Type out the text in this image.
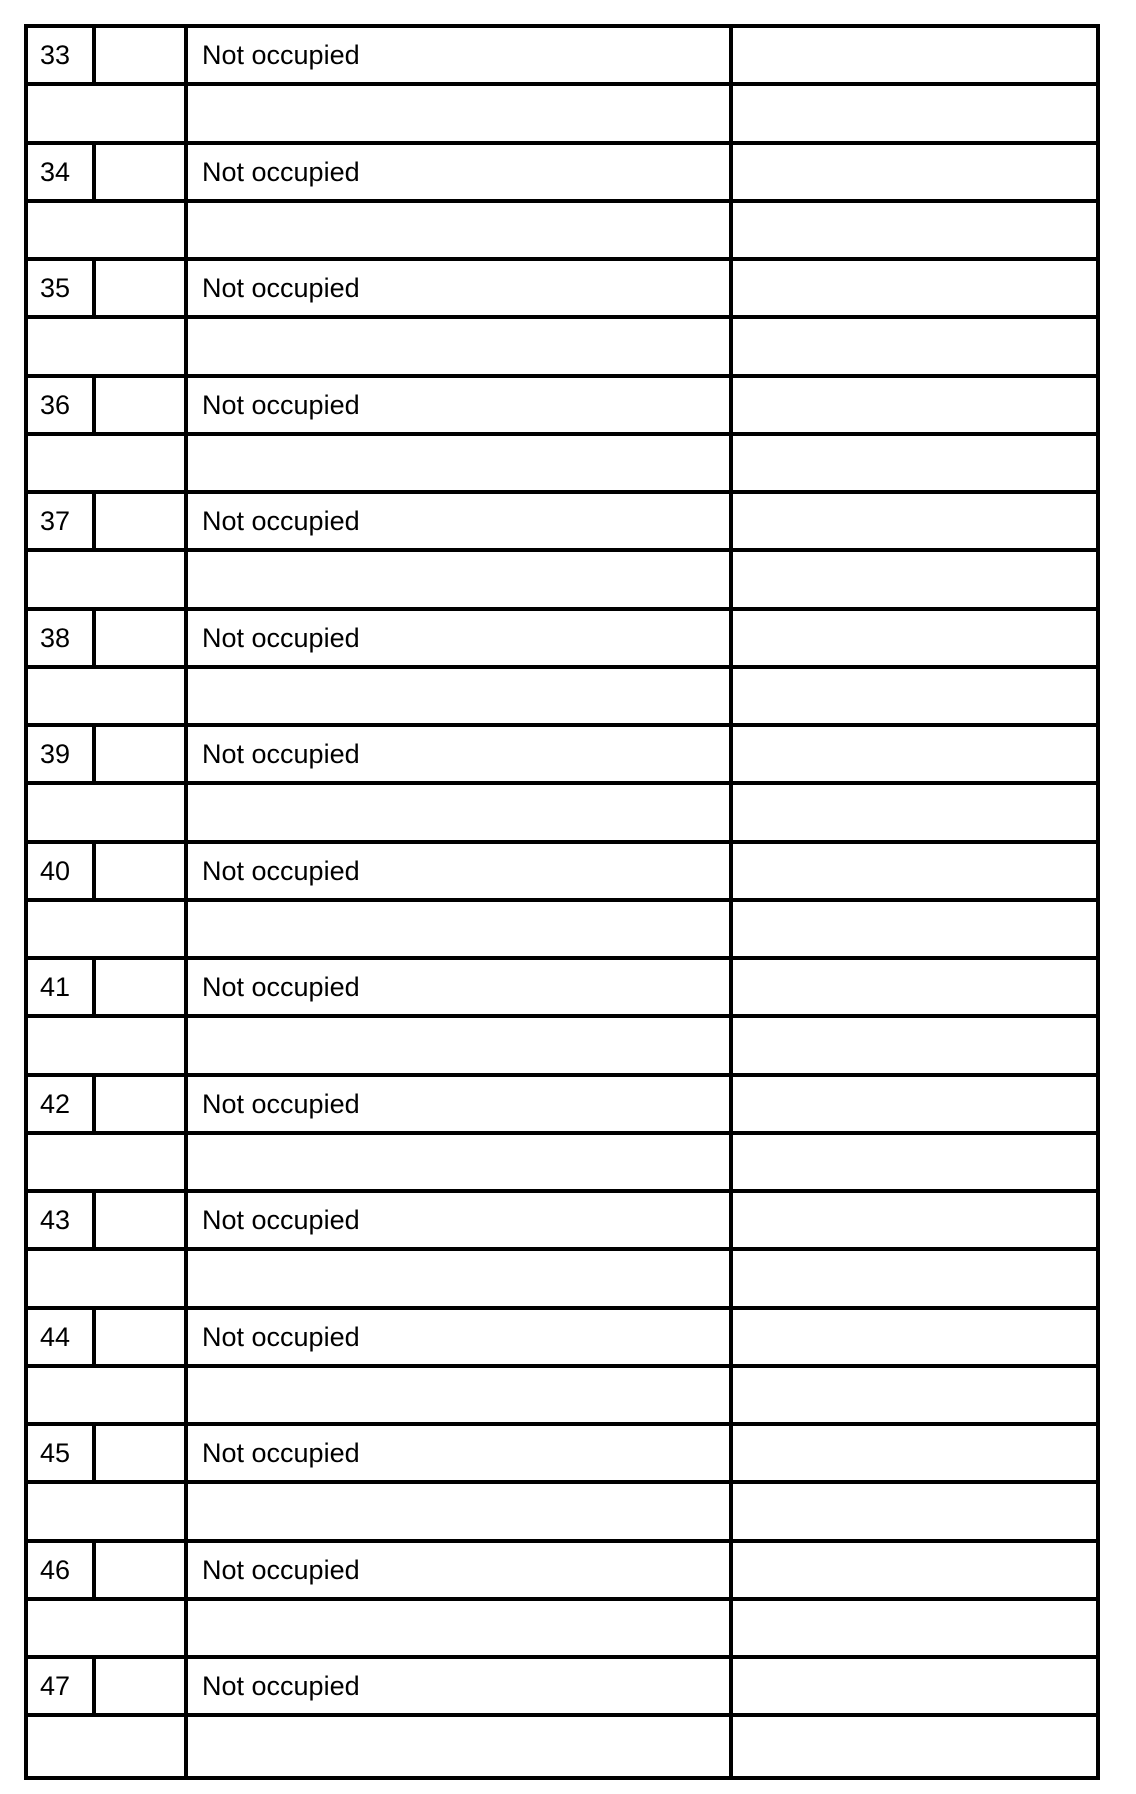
33	Not occupied
34	Not occupied
35	Not occupied
36	Not occupied
37	Not occupied
38	Not occupied
39	Not occupied
40	Not occupied
41	Not occupied
42	Not occupied
43	Not occupied
44	Not occupied
45	Not occupied
46	Not occupied
47	Not occupied
